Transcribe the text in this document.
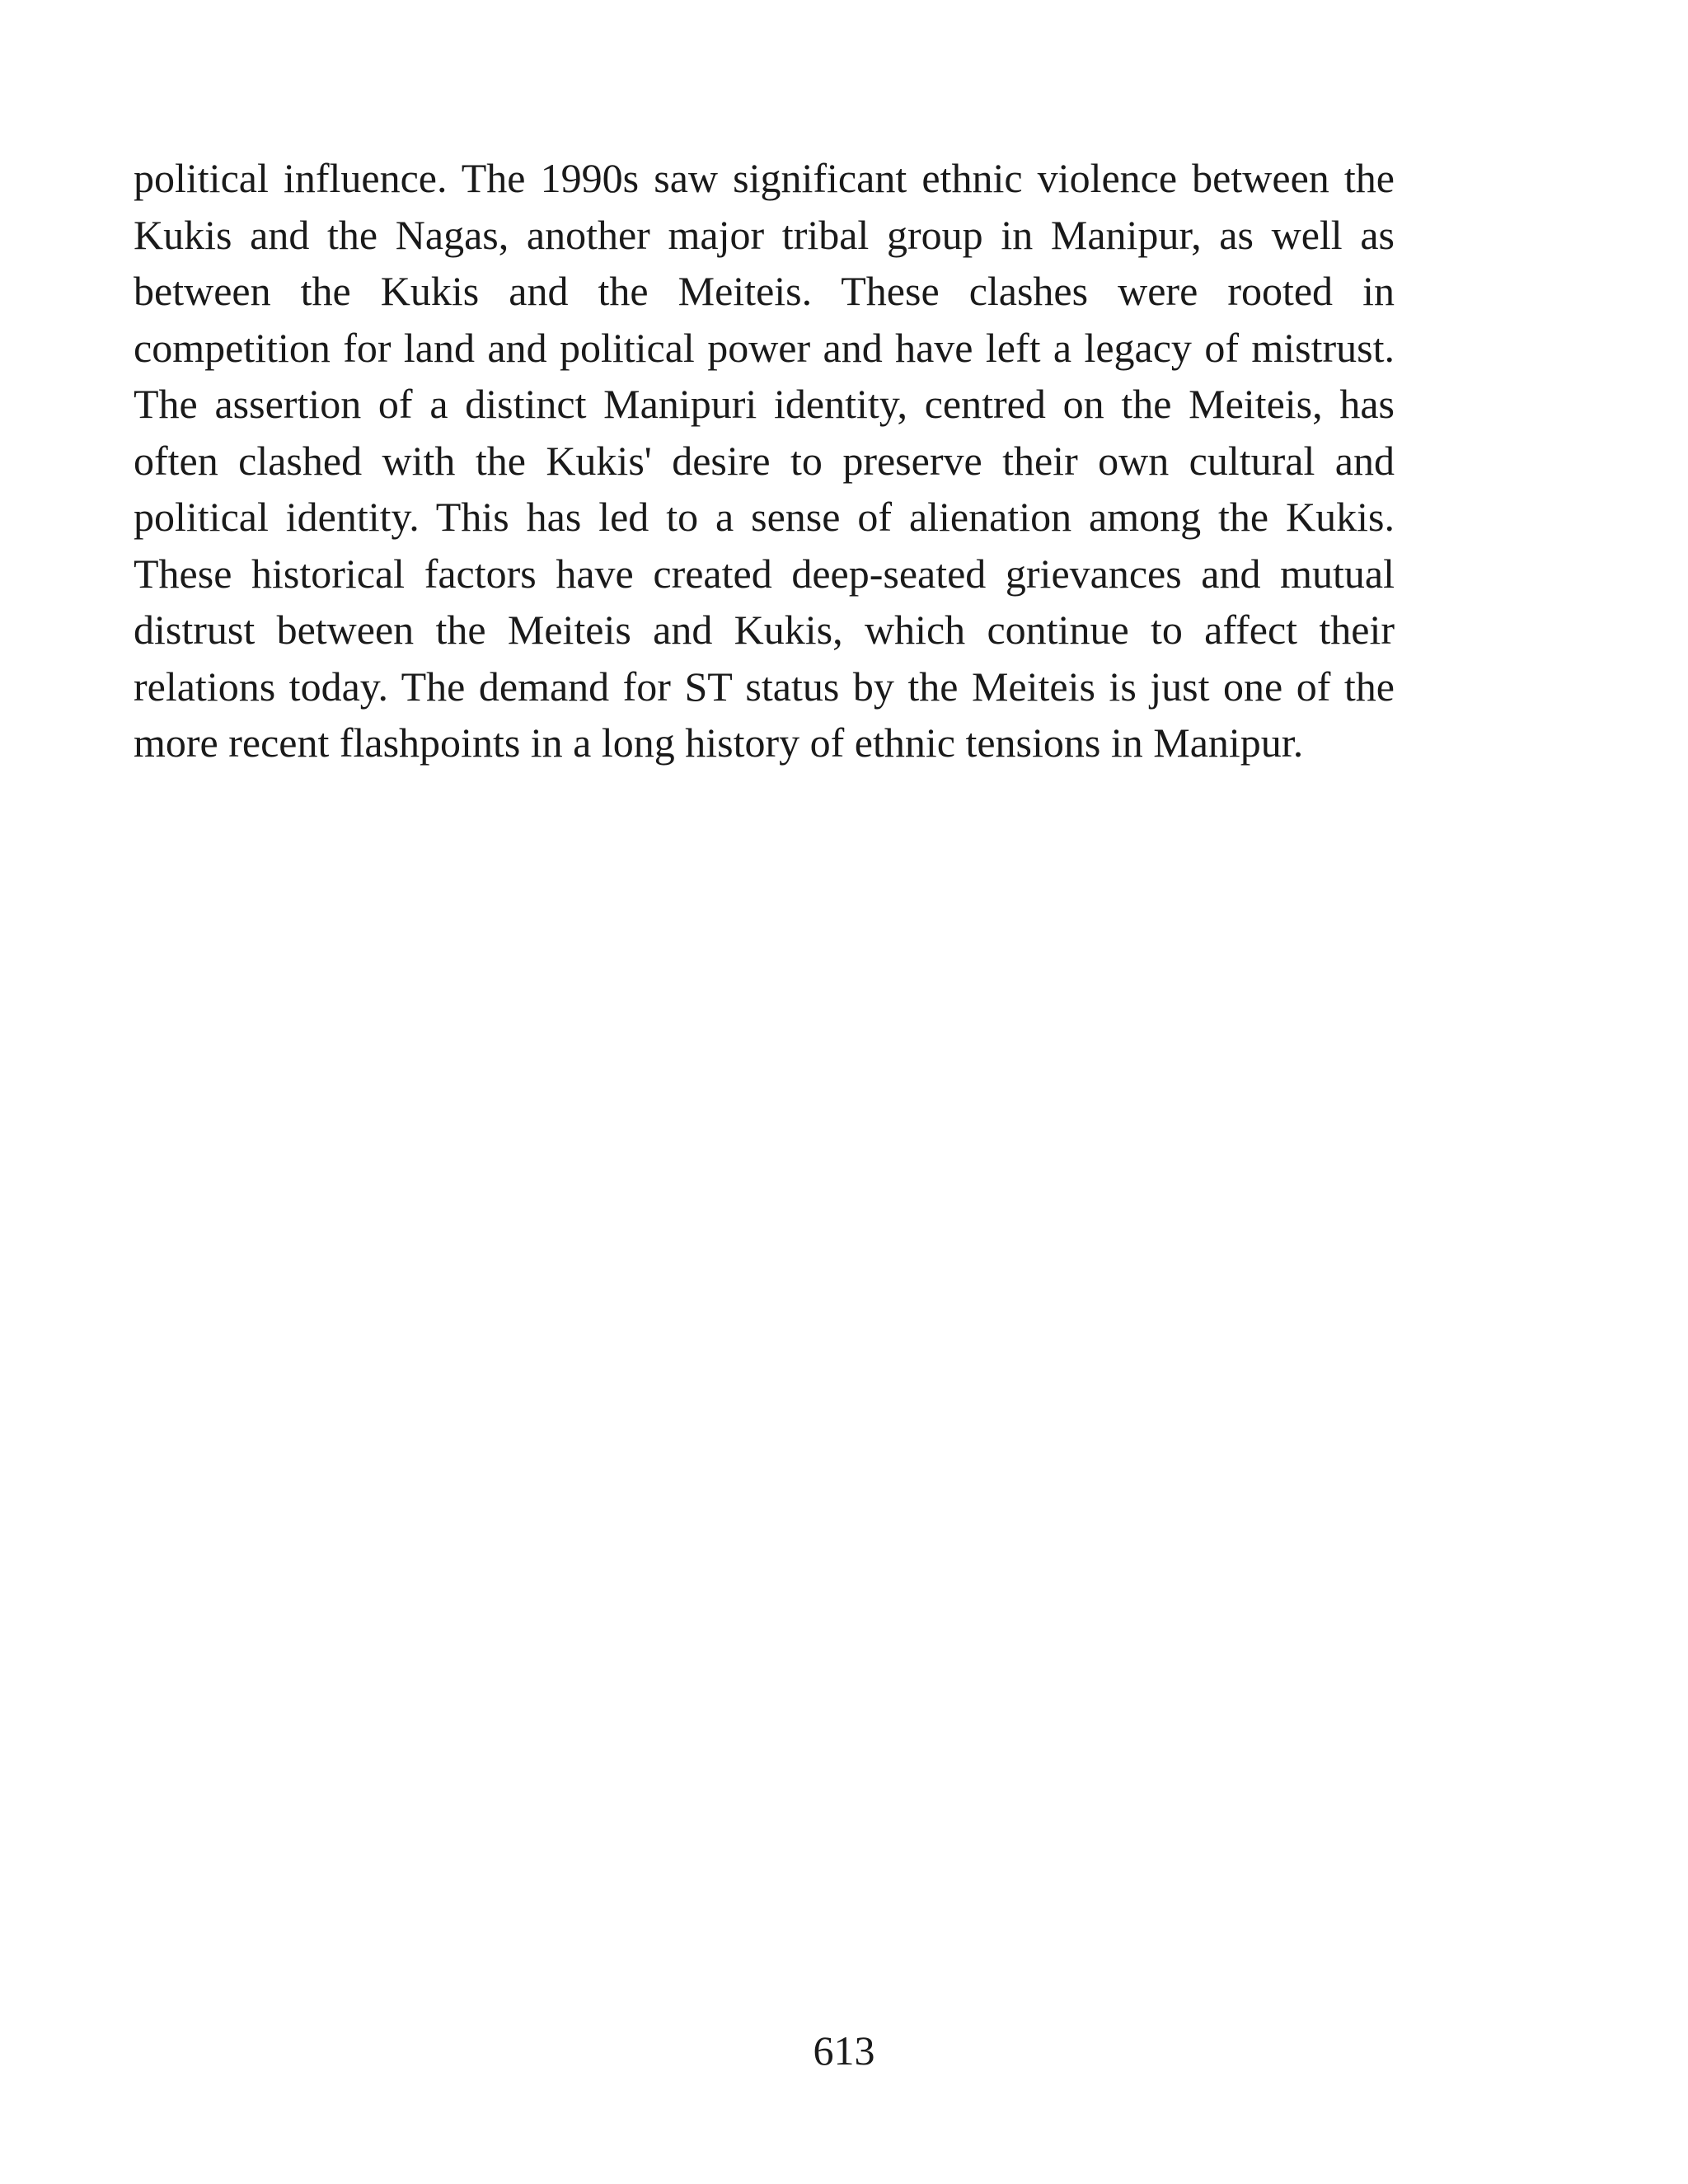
political influence. The 1990s saw significant ethnic violence between the
Kukis and the Nagas, another major tribal group in Manipur, as well as
between the Kukis and the Meiteis. These clashes were rooted in
competition for land and political power and have left a legacy of mistrust.
The assertion of a distinct Manipuri identity, centred on the Meiteis, has
often clashed with the Kukis' desire to preserve their own cultural and
political identity. This has led to a sense of alienation among the Kukis.
These historical factors have created deep-seated grievances and mutual
distrust between the Meiteis and Kukis, which continue to affect their
relations today. The demand for ST status by the Meiteis is just one of the
more recent flashpoints in a long history of ethnic tensions in Manipur.

613
